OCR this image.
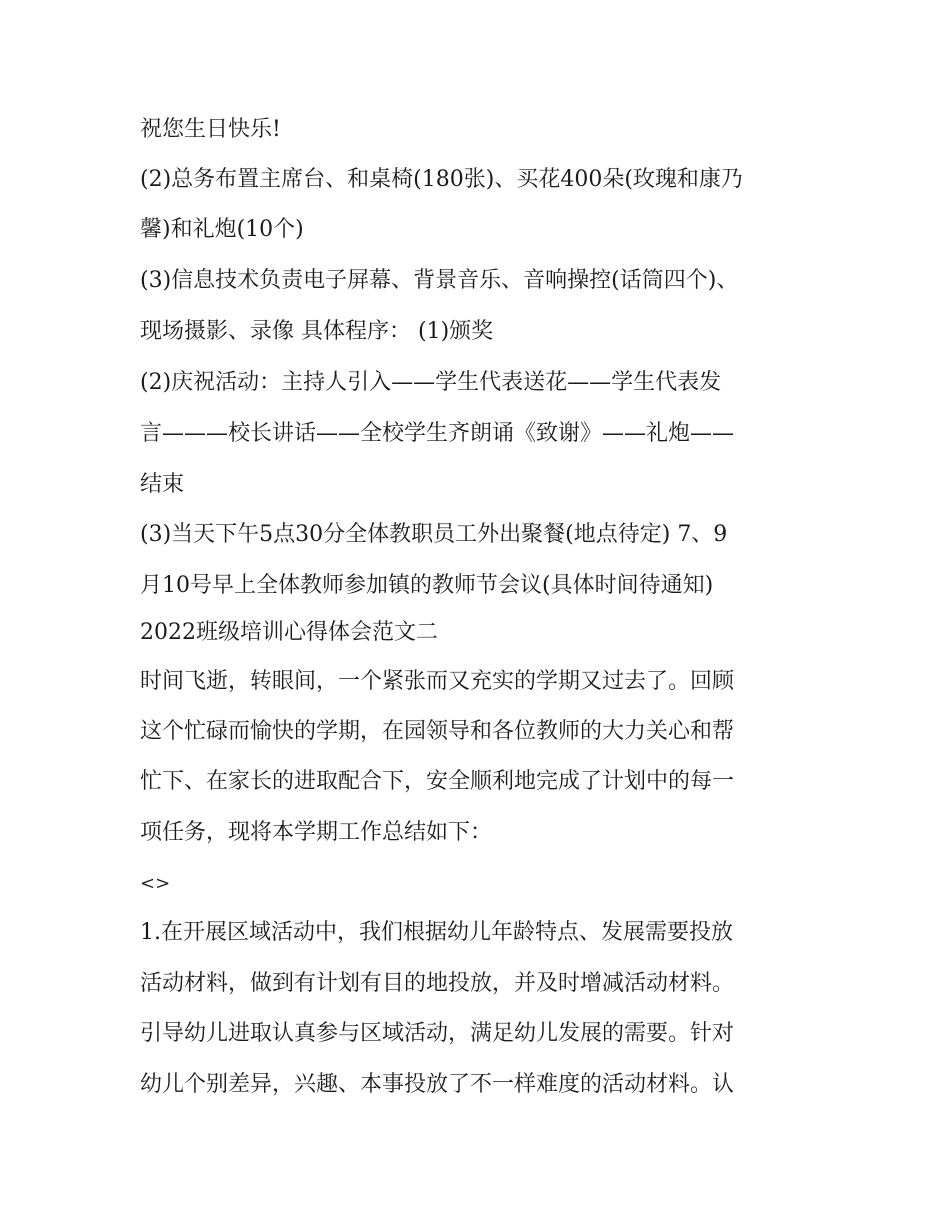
祝您生日快乐!
(2)总务布置主席台、和桌椅(180张)、买花400朵(玫瑰和康乃
馨)和礼炮(10个)
(3)信息技术负责电子屏幕、背景音乐、音响操控(话筒四个)、
现场摄影、录像 具体程序： (1)颁奖
(2)庆祝活动：主持人引入——学生代表送花——学生代表发
言———校长讲话——全校学生齐朗诵《致谢》——礼炮——
结束
(3)当天下午5点30分全体教职员工外出聚餐(地点待定) 7、9
月10号早上全体教师参加镇的教师节会议(具体时间待通知)
2022班级培训心得体会范文二
时间飞逝，转眼间，一个紧张而又充实的学期又过去了。回顾
这个忙碌而愉快的学期，在园领导和各位教师的大力关心和帮
忙下、在家长的进取配合下，安全顺利地完成了计划中的每一
项任务，现将本学期工作总结如下：
<>
1.在开展区域活动中，我们根据幼儿年龄特点、发展需要投放
活动材料，做到有计划有目的地投放，并及时增减活动材料。
引导幼儿进取认真参与区域活动，满足幼儿发展的需要。针对
幼儿个别差异，兴趣、本事投放了不一样难度的活动材料。认
